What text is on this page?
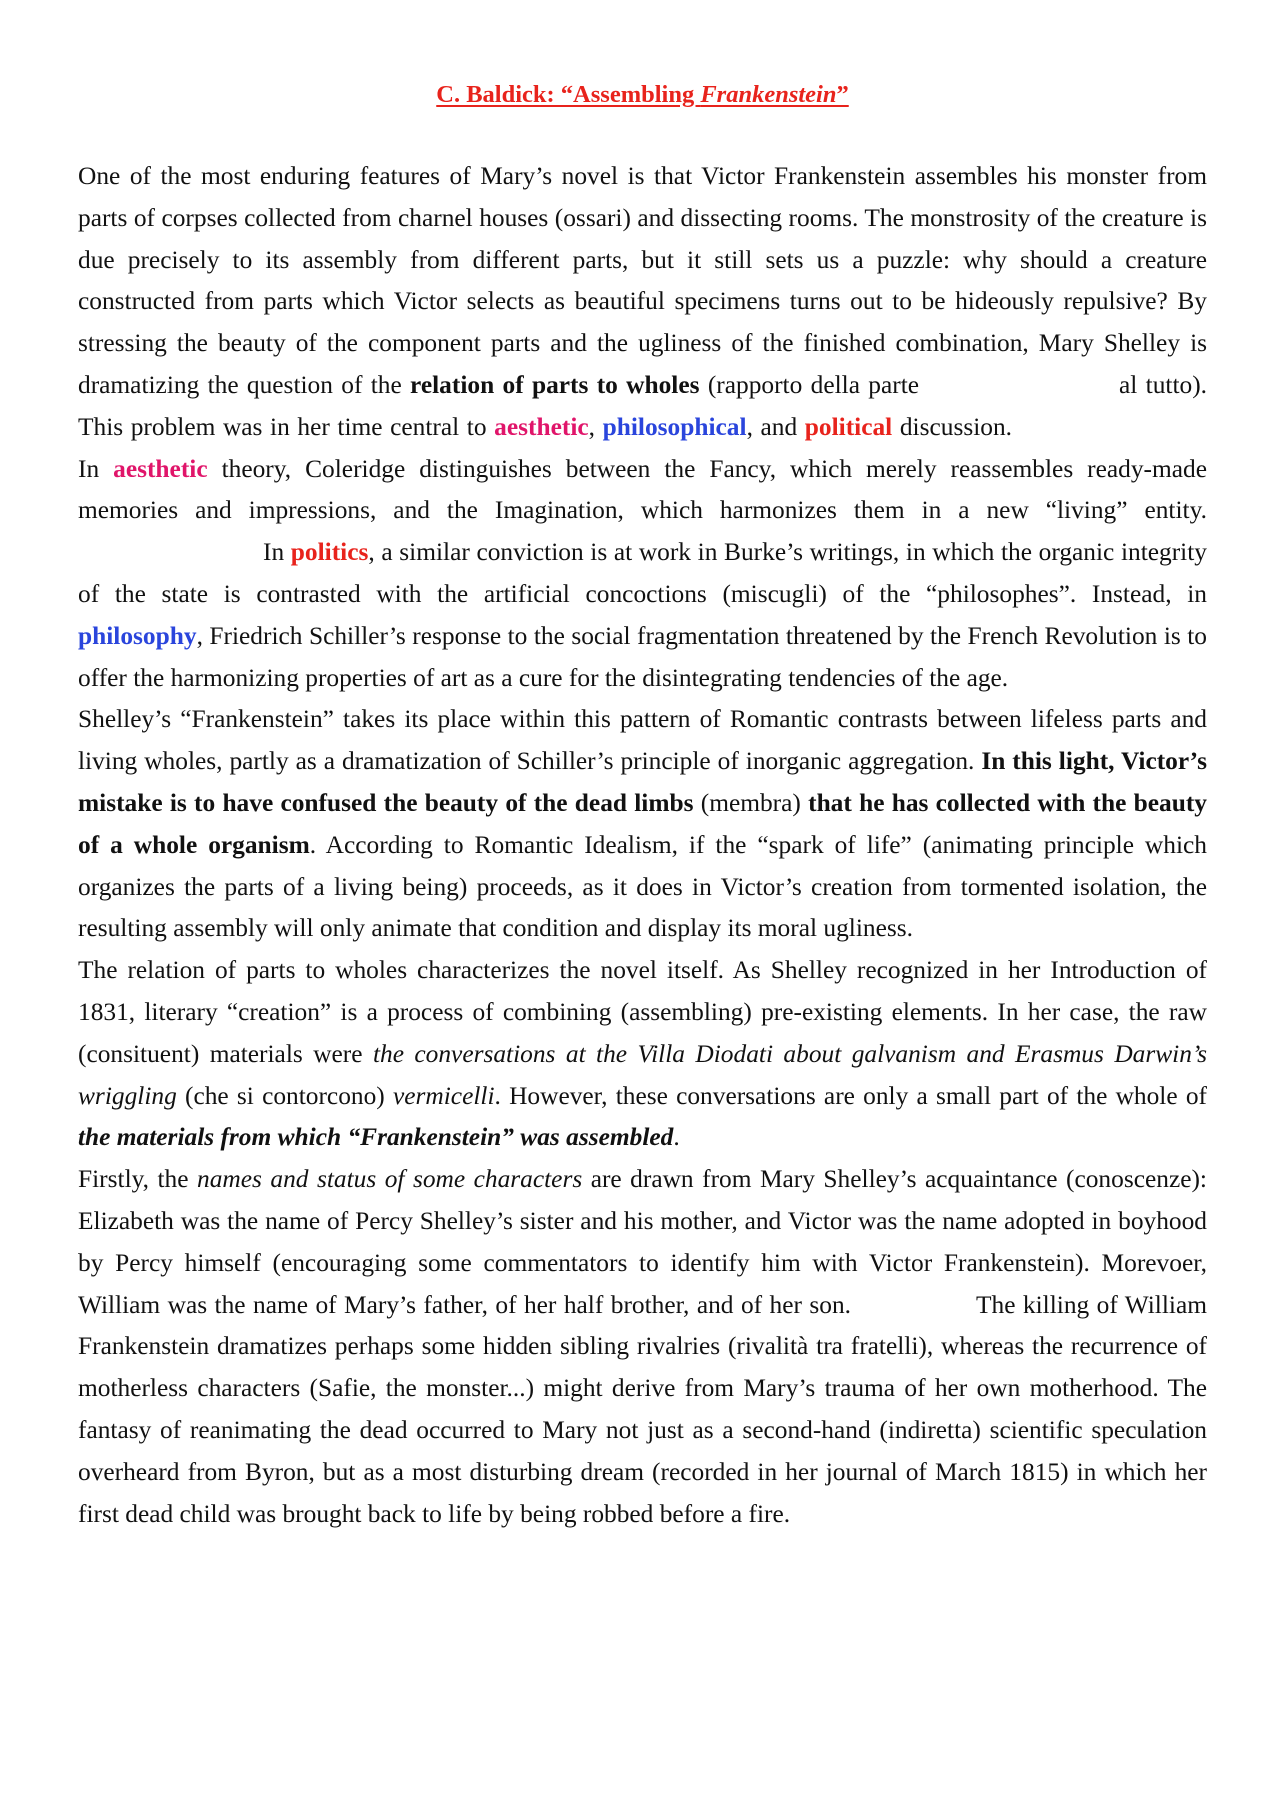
C. Baldick: “Assembling Frankenstein”

One of the most enduring features of Mary’s novel is that Victor Frankenstein assembles his monster from parts of corpses collected from charnel houses (ossari) and dissecting rooms. The monstrosity of the creature is due precisely to its assembly from different parts, but it still sets us a puzzle: why should a creature constructed from parts which Victor selects as beautiful specimens turns out to be hideously repulsive? By stressing the beauty of the component parts and the ugliness of the finished combination, Mary Shelley is dramatizing the question of the relation of parts to wholes (rapporto della parte	al tutto). This problem was in her time central to aesthetic, philosophical, and political discussion.In aesthetic theory, Coleridge distinguishes between the Fancy, which merely reassembles ready-made memories and impressions, and the Imagination, which harmonizes them in a new “living” entity.In politics, a similar conviction is at work in Burke’s writings, in which the organic integrity of the state is contrasted with the artificial concoctions (miscugli) of the “philosophes”. Instead, in philosophy, Friedrich Schiller’s response to the social fragmentation threatened by the French Revolution is to offer the harmonizing properties of art as a cure for the disintegrating tendencies of the age.

Shelley’s “Frankenstein” takes its place within this pattern of Romantic contrasts between lifeless parts and living wholes, partly as a dramatization of Schiller’s principle of inorganic aggregation. In this light, Victor’s mistake is to have confused the beauty of the dead limbs (membra) that he has collected with the beauty of a whole organism. According to Romantic Idealism, if the “spark of life” (animating principle which organizes the parts of a living being) proceeds, as it does in Victor’s creation from tormented isolation, the resulting assembly will only animate that condition and display its moral ugliness.

The relation of parts to wholes characterizes the novel itself. As Shelley recognized in her Introduction of 1831, literary “creation” is a process of combining (assembling) pre-existing elements. In her case, the raw (consituent) materials were the conversations at the Villa Diodati about galvanism and Erasmus Darwin’s wriggling (che si contorcono) vermicelli. However, these conversations are only a small part of the whole of the materials from which “Frankenstein” was assembled.

Firstly, the names and status of some characters are drawn from Mary Shelley’s acquaintance (conoscenze): Elizabeth was the name of Percy Shelley’s sister and his mother, and Victor was the name adopted in boyhood by Percy himself (encouraging some commentators to identify him with Victor Frankenstein). Morevoer, William was the name of Mary’s father, of her half brother, and of her son.	The killing of William Frankenstein dramatizes perhaps some hidden sibling rivalries (rivalità tra fratelli), whereas the recurrence of motherless characters (Safie, the monster...) might derive from Mary’s trauma of her own motherhood. The fantasy of reanimating the dead occurred to Mary not just as a second-hand (indiretta) scientific speculation overheard from Byron, but as a most disturbing dream (recorded in her journal of March 1815) in which her first dead child was brought back to life by being robbed before a fire.
